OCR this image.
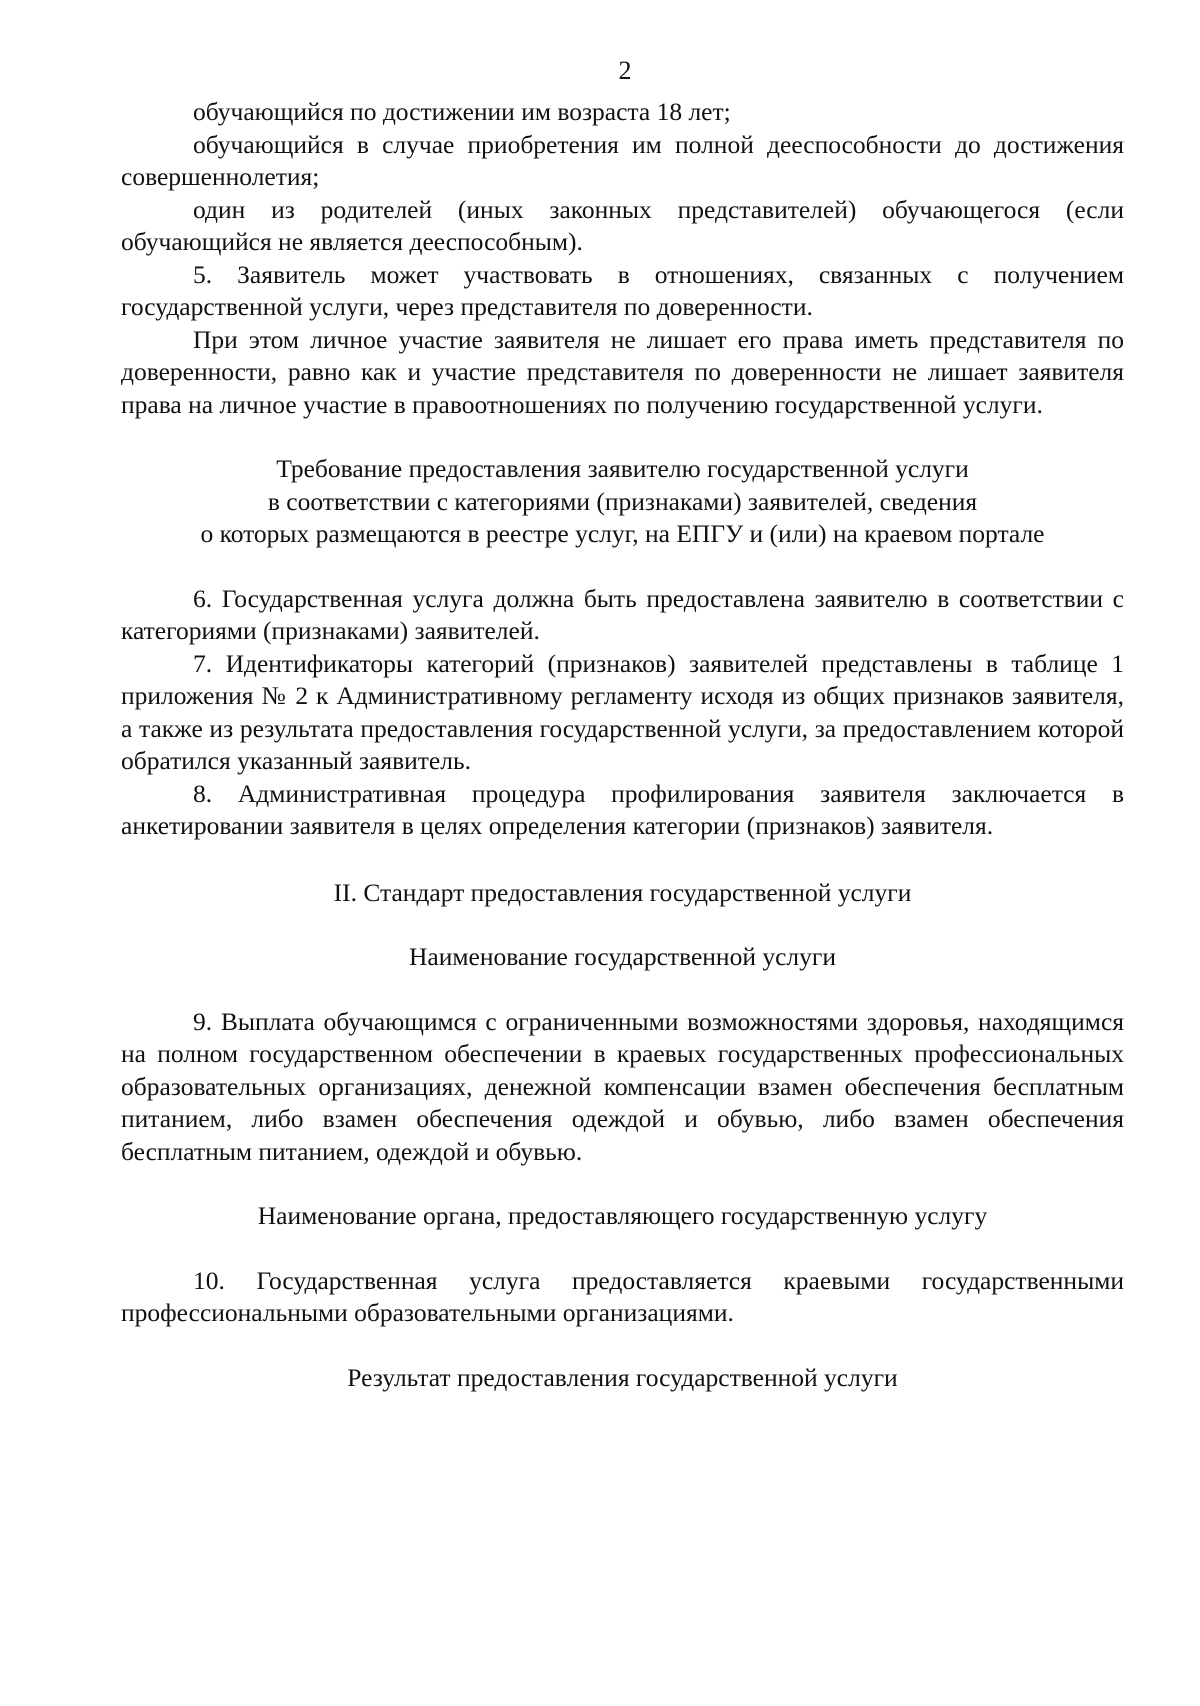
2

обучающийся по достижении им возраста 18 лет;

обучающийся в случае приобретения им полной дееспособности до достижения совершеннолетия;

один из родителей (иных законных представителей) обучающегося (если обучающийся не является дееспособным).

5. Заявитель может участвовать в отношениях, связанных с получением государственной услуги, через представителя по доверенности.

При этом личное участие заявителя не лишает его права иметь представителя по доверенности, равно как и участие представителя по доверенности не лишает заявителя права на личное участие в правоотношениях по получению государственной услуги.

Требование предоставления заявителю государственной услуги

в соответствии с категориями (признаками) заявителей, сведения

о которых размещаются в реестре услуг, на ЕПГУ и (или) на краевом портале

6. Государственная услуга должна быть предоставлена заявителю в соответствии с категориями (признаками) заявителей.

7. Идентификаторы категорий (признаков) заявителей представлены в таблице 1 приложения № 2 к Административному регламенту исходя из общих признаков заявителя, а также из результата предоставления государственной услуги, за предоставлением которой обратился указанный заявитель.

8. Административная процедура профилирования заявителя заключается в анкетировании заявителя в целях определения категории (признаков) заявителя.

II. Стандарт предоставления государственной услуги

Наименование государственной услуги

9. Выплата обучающимся с ограниченными возможностями здоровья, находящимся на полном государственном обеспечении в краевых государственных профессиональных образовательных организациях, денежной компенсации взамен обеспечения бесплатным питанием, либо взамен обеспечения одеждой и обувью, либо взамен обеспечения бесплатным питанием, одеждой и обувью.

Наименование органа, предоставляющего государственную услугу

10. Государственная услуга предоставляется краевыми государственными профессиональными образовательными организациями.

Результат предоставления государственной услуги
